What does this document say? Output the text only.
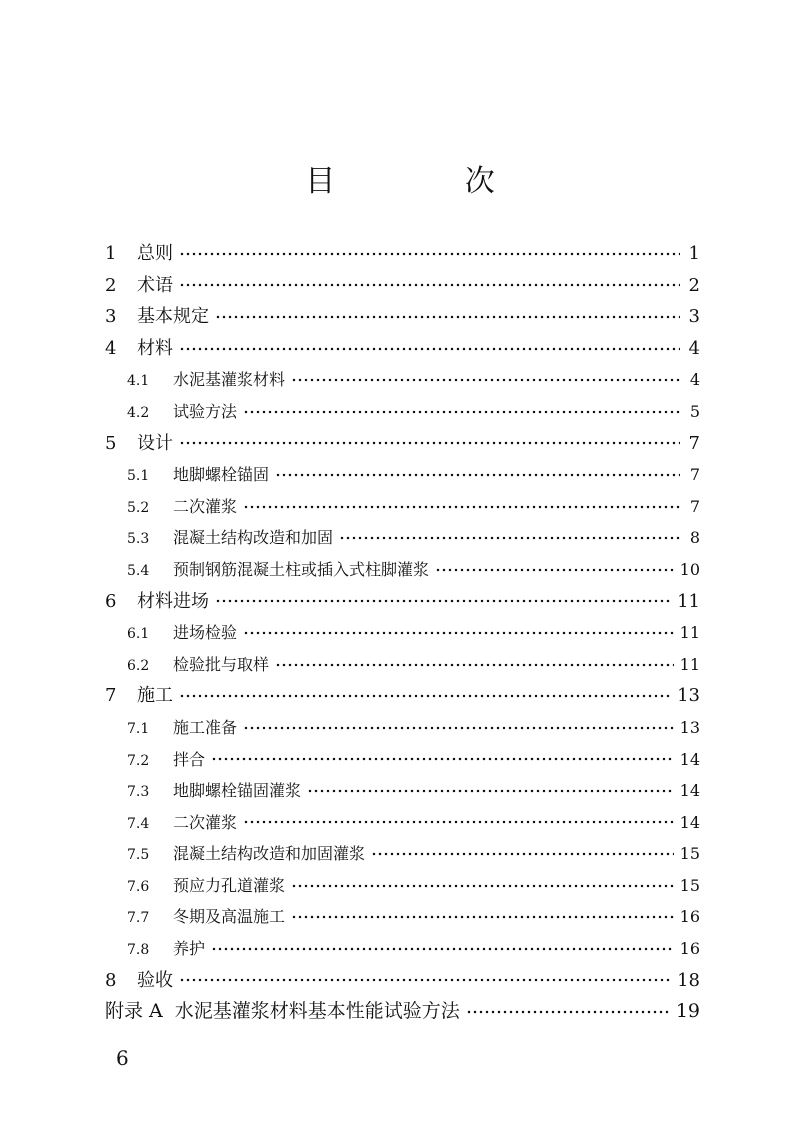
目 次
1	总则	1
2	术语	2
3	基本规定	3
4	材料	4
4.1	水泥基灌浆材料	4
4.2	试验方法	5
5	设计	7
5.1	地脚螺栓锚固	7
5.2	二次灌浆	7
5.3	混凝土结构改造和加固	8
5.4	预制钢筋混凝土柱或插入式柱脚灌浆	10
6	材料进场	11
6.1	进场检验	11
6.2	检验批与取样	11
7	施工	13
7.1	施工准备	13
7.2	拌合	14
7.3	地脚螺栓锚固灌浆	14
7.4	二次灌浆	14
7.5	混凝土结构改造和加固灌浆	15
7.6	预应力孔道灌浆	15
7.7	冬期及高温施工	16
7.8	养护	16
8	验收	18
附录 A 水泥基灌浆材料基本性能试验方法	19
6
